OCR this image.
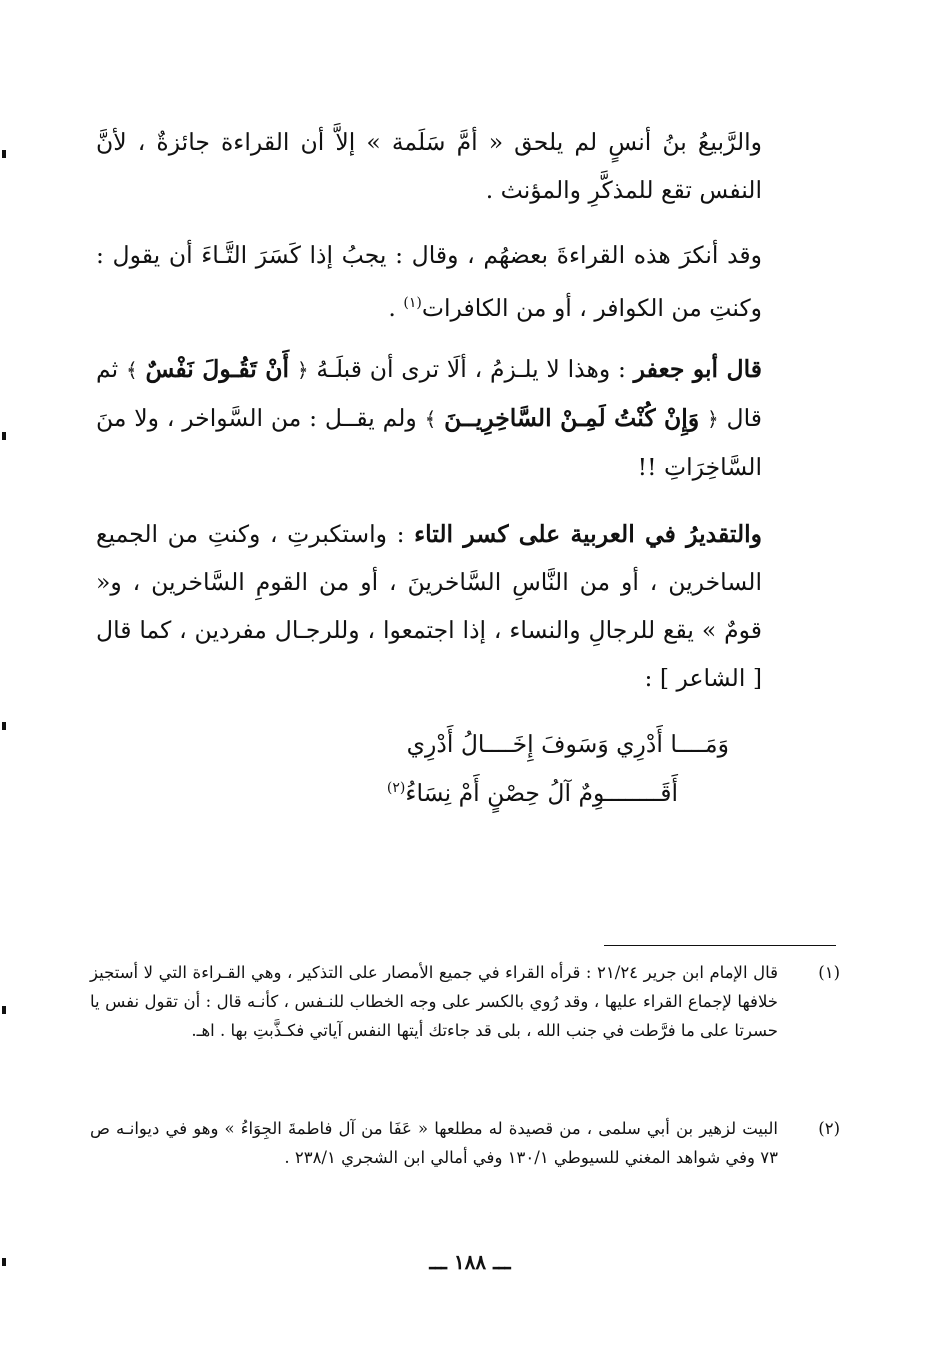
والرَّبيعُ بنُ أنسٍ لم يلحق « أمَّ سَلَمة » إلاَّ أن القراءة جائزةٌ ، لأنَّ النفس تقع للمذكَّرِ والمؤنث .

وقد أنكرَ هذه القراءةَ بعضهُم ، وقال : يجبُ إذا كَسَرَ التَّـاءَ أن يقول : وكنتِ من الكوافر ، أو من الكافرات$^{(١)}$ .

قال أبو جعفر : وهذا لا يلـزمُ ، ألَا ترى أن قبلَـهُ ﴿ أَنْ تَقُـولَ نَفْسٌ ﴾ ثم قال ﴿ وَإِنْ كُنْتُ لَمِـنْ السَّاخِرِيــنَ ﴾ ولم يقــل : من السَّواخر ، ولا منَ السَّاخِرَاتِ !!

والتقديرُ في العربية على كسر التاء : واستكبرتِ ، وكنتِ من الجميع الساخرين ، أو من النَّاسِ السَّاخرينَ ، أو من القومِ السَّاخرين ، و« قومٌ » يقع للرجالِ والنساء ، إذا اجتمعوا ، وللرجـال مفردين ، كما قال [ الشاعر ] :

وَمَــــا أَدْرِي وَسَوفَ إِخَــــالُ أَدْرِي
أَقَــــــــوِمٌ آلُ حِصْنٍ أَمْ نِسَاءُ$^{(٢)}$
(١)
قال الإمام ابن جرير ٢١/٢٤ : قرأه القراء في جميع الأمصار على التذكير ، وهي القـراءة التي لا أستجيز خلافها لإجماع القراء عليها ، وقد رُوي بالكسر على وجه الخطاب للنـفس ، كأنـه قال : أن تقول نفس يا حسرتا على ما فرَّطت في جنب الله ، بلى قد جاءتك أيتها النفس آياتي فكـذَّبتِ بها . اهـ.
(٢)
البيت لزهير بن أبي سلمى ، من قصيدة له مطلعها « عَفَا من آل فاطمةَ الجِوَاءُ » وهو في ديوانـه ص ٧٣ وفي شواهد المغني للسيوطي ١٣٠/١ وفي أمالي ابن الشجري ٢٣٨/١ .
ـــ ١٨٨ ـــ
